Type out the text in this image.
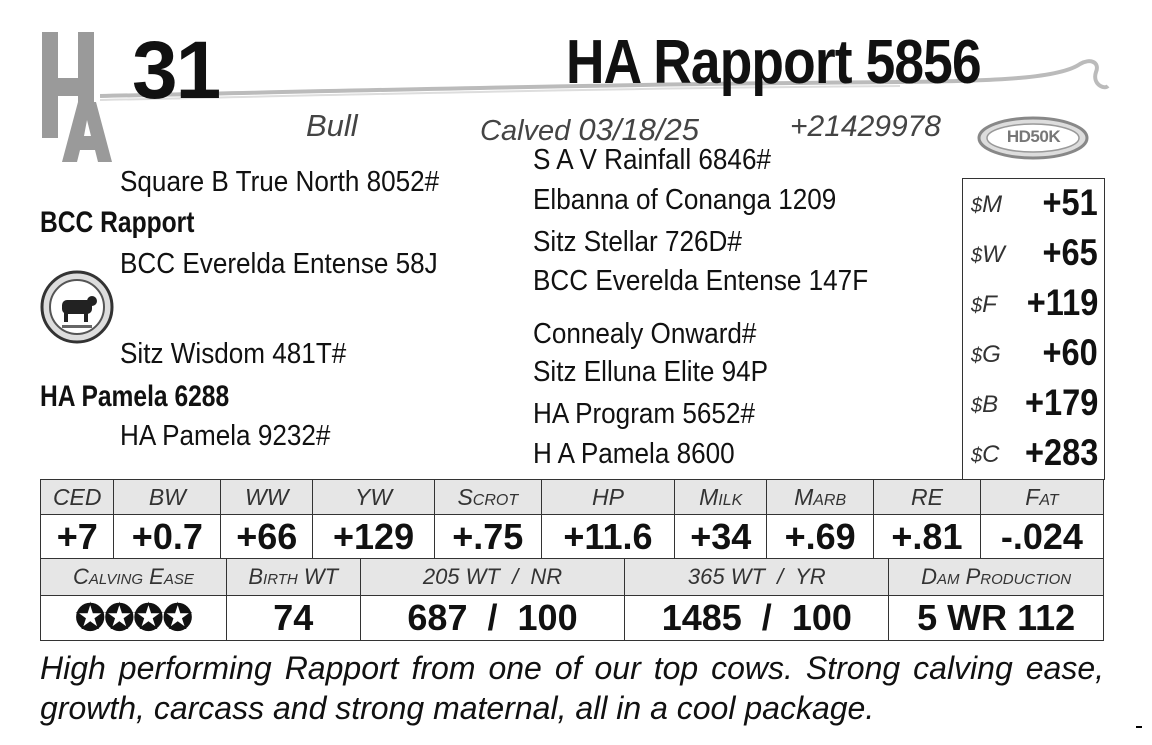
31	HA Rapport 5856
Bull	Calved 03/18/25	+21429978	HD50K
Square B True North 8052#
BCC Rapport
BCC Everelda Entense 58J
Sitz Wisdom 481T#
HA Pamela 6288
HA Pamela 9232#
S A V Rainfall 6846#
Elbanna of Conanga 1209
Sitz Stellar 726D#
BCC Everelda Entense 147F
Connealy Onward#
Sitz Elluna Elite 94P
HA Program 5652#
H A Pamela 8600
$M +51
$W +65
$F +119
$G +60
$B +179
$C +283
CED	BW	WW	YW	Scrot	HP	Milk	Marb	RE	Fat
+7	+0.7	+66	+129	+.75	+11.6	+34	+.69	+.81	-.024
Calving Ease	Birth WT	205 WT  /  NR	365 WT  /  YR	Dam Production
✪✪✪✪	74	687 / 100	1485 / 100	5 WR 112
High performing Rapport from one of our top cows. Strong calving ease, growth, carcass and strong maternal, all in a cool package.
